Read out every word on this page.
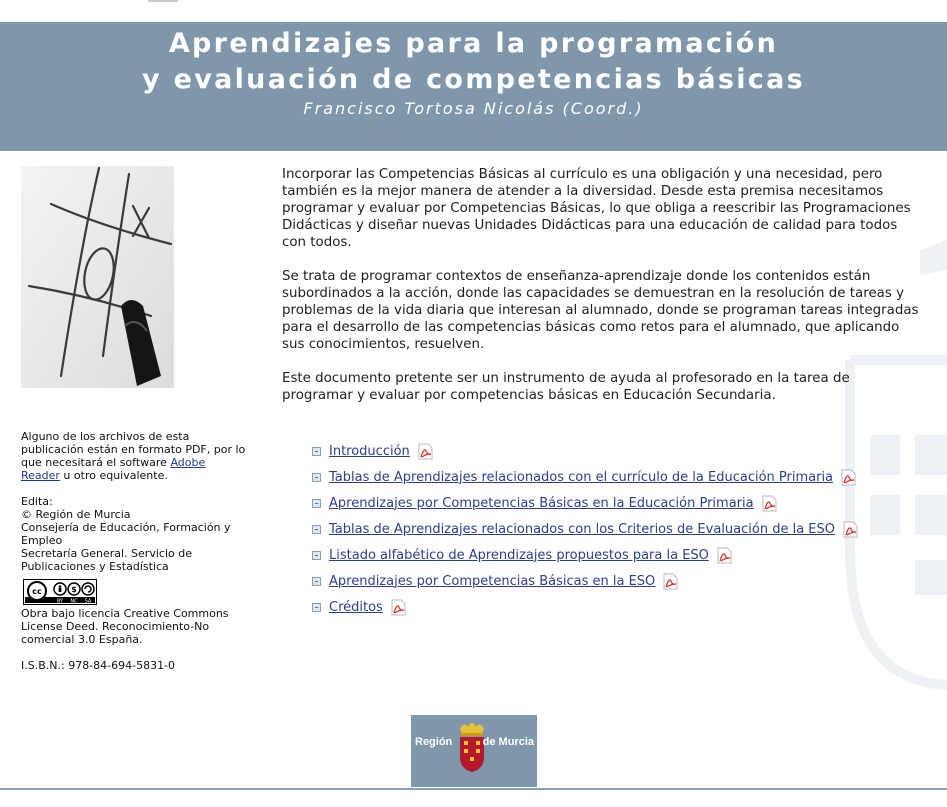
Aprendizajes para la programación
y evaluación de competencias básicas
Francisco Tortosa Nicolás (Coord.)

Incorporar las Competencias Básicas al currículo es una obligación y una necesidad, pero también es la mejor manera de atender a la diversidad. Desde esta premisa necesitamos programar y evaluar por Competencias Básicas, lo que obliga a reescribir las Programaciones Didácticas y diseñar nuevas Unidades Didácticas para una educación de calidad para todos con todos.

Se trata de programar contextos de enseñanza-aprendizaje donde los contenidos están subordinados a la acción, donde las capacidades se demuestran en la resolución de tareas y problemas de la vida diaria que interesan al alumnado, donde se programan tareas integradas para el desarrollo de las competencias básicas como retos para el alumnado, que aplicando sus conocimientos, resuelven.

Este documento pretente ser un instrumento de ayuda al profesorado en la tarea de programar y evaluar por competencias básicas en Educación Secundaria.

Alguno de los archivos de esta publicación están en formato PDF, por lo que necesitará el software Adobe Reader u otro equivalente.

Edita:

© Región de Murcia

Consejería de Educación, Formación y Empleo

Secretaría General. Servicio de Publicaciones y Estadística

cc	$
BY NC SA

Obra bajo licencia Creative Commons License Deed. Reconocimiento-No comercial 3.0 España.

I.S.B.N.: 978-84-694-5831-0

Introducción
Tablas de Aprendizajes relacionados con el currículo de la Educación Primaria
Aprendizajes por Competencias Básicas en la Educación Primaria
Tablas de Aprendizajes relacionados con los Criterios de Evaluación de la ESO
Listado alfabético de Aprendizajes propuestos para la ESO
Aprendizajes por Competencias Básicas en la ESO
Créditos
Región	de Murcia
